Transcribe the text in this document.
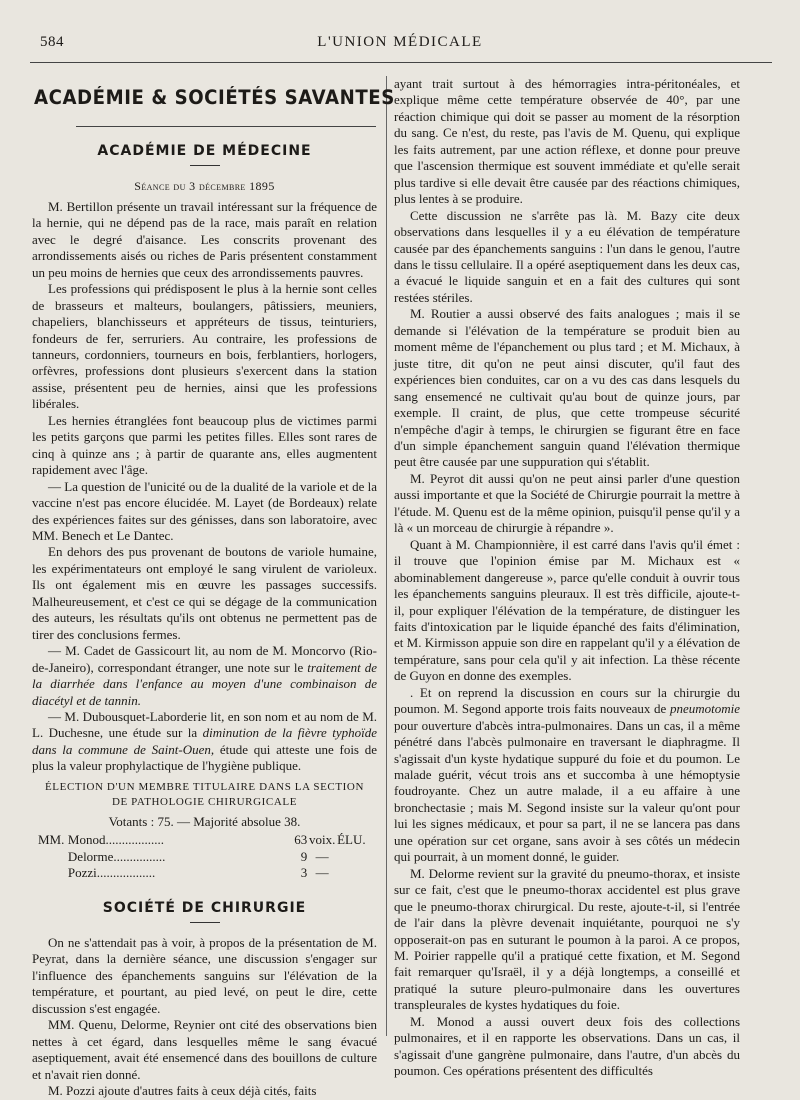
584	L'UNION MÉDICALE
ACADÉMIE & SOCIÉTÉS SAVANTES
ACADÉMIE DE MÉDECINE
Séance du 3 décembre 1895

M. Bertillon présente un travail intéressant sur la fréquence de la hernie, qui ne dépend pas de la race, mais paraît en relation avec le degré d'aisance. Les conscrits provenant des arrondissements aisés ou riches de Paris présentent constamment un peu moins de hernies que ceux des arrondissements pauvres.

Les professions qui prédisposent le plus à la hernie sont celles de brasseurs et malteurs, boulangers, pâtissiers, meuniers, chapeliers, blanchisseurs et appréteurs de tissus, teinturiers, fondeurs de fer, serruriers. Au contraire, les professions de tanneurs, cordonniers, tourneurs en bois, ferblantiers, horlogers, orfèvres, professions dont plusieurs s'exercent dans la station assise, présentent peu de hernies, ainsi que les professions libérales.

Les hernies étranglées font beaucoup plus de victimes parmi les petits garçons que parmi les petites filles. Elles sont rares de cinq à quinze ans ; à partir de quarante ans, elles augmentent rapidement avec l'âge.

— La question de l'unicité ou de la dualité de la variole et de la vaccine n'est pas encore élucidée. M. Layet (de Bordeaux) relate des expériences faites sur des génisses, dans son laboratoire, avec MM. Benech et Le Dantec.

En dehors des pus provenant de boutons de variole humaine, les expérimentateurs ont employé le sang virulent de varioleux. Ils ont également mis en œuvre les passages successifs. Malheureusement, et c'est ce qui se dégage de la communication des auteurs, les résultats qu'ils ont obtenus ne permettent pas de tirer des conclusions fermes.

— M. Cadet de Gassicourt lit, au nom de M. Moncorvo (Rio-de-Janeiro), correspondant étranger, une note sur le traitement de la diarrhée dans l'enfance au moyen d'une combinaison de diacétyl et de tannin.

— M. Dubousquet-Laborderie lit, en son nom et au nom de M. L. Duchesne, une étude sur la diminution de la fièvre typhoïde dans la commune de Saint-Ouen, étude qui atteste une fois de plus la valeur prophylactique de l'hygiène publique.

ÉLECTION D'UN MEMBRE TITULAIRE DANS LA SECTION
DE PATHOLOGIE CHIRURGICALE
Votants : 75. — Majorité absolue 38.
MM. Monod..................	63 voix. ÉLU.
Delorme................	9 —
Pozzi..................	3 —
SOCIÉTÉ DE CHIRURGIE

On ne s'attendait pas à voir, à propos de la présentation de M. Peyrat, dans la dernière séance, une discussion s'engager sur l'influence des épanchements sanguins sur l'élévation de la température, et pourtant, au pied levé, on peut le dire, cette discussion s'est engagée.

MM. Quenu, Delorme, Reynier ont cité des observations bien nettes à cet égard, dans lesquelles même le sang évacué aseptiquement, avait été ensemencé dans des bouillons de culture et n'avait rien donné.

M. Pozzi ajoute d'autres faits à ceux déjà cités, faits

ayant trait surtout à des hémorragies intra-péritonéales, et explique même cette température observée de 40°, par une réaction chimique qui doit se passer au moment de la résorption du sang. Ce n'est, du reste, pas l'avis de M. Quenu, qui explique les faits autrement, par une action réflexe, et donne pour preuve que l'ascension thermique est souvent immédiate et qu'elle serait plus tardive si elle devait être causée par des réactions chimiques, plus lentes à se produire.

Cette discussion ne s'arrête pas là. M. Bazy cite deux observations dans lesquelles il y a eu élévation de température causée par des épanchements sanguins : l'un dans le genou, l'autre dans le tissu cellulaire. Il a opéré aseptiquement dans les deux cas, a évacué le liquide sanguin et en a fait des cultures qui sont restées stériles.

M. Routier a aussi observé des faits analogues ; mais il se demande si l'élévation de la température se produit bien au moment même de l'épanchement ou plus tard ; et M. Michaux, à juste titre, dit qu'on ne peut ainsi discuter, qu'il faut des expériences bien conduites, car on a vu des cas dans lesquels du sang ensemencé ne cultivait qu'au bout de quinze jours, par exemple. Il craint, de plus, que cette trompeuse sécurité n'empêche d'agir à temps, le chirurgien se figurant être en face d'un simple épanchement sanguin quand l'élévation thermique peut être causée par une suppuration qui s'établit.

M. Peyrot dit aussi qu'on ne peut ainsi parler d'une question aussi importante et que la Société de Chirurgie pourrait la mettre à l'étude. M. Quenu est de la même opinion, puisqu'il pense qu'il y a là « un morceau de chirurgie à répandre ».

Quant à M. Championnière, il est carré dans l'avis qu'il émet : il trouve que l'opinion émise par M. Michaux est « abominablement dangereuse », parce qu'elle conduit à ouvrir tous les épanchements sanguins pleuraux. Il est très difficile, ajoute-t-il, pour expliquer l'élévation de la température, de distinguer les faits d'intoxication par le liquide épanché des faits d'élimination, et M. Kirmisson appuie son dire en rappelant qu'il y a élévation de température, sans pour cela qu'il y ait infection. La thèse récente de Guyon en donne des exemples.

. Et on reprend la discussion en cours sur la chirurgie du poumon. M. Segond apporte trois faits nouveaux de pneumotomie pour ouverture d'abcès intra-pulmonaires. Dans un cas, il a même pénétré dans l'abcès pulmonaire en traversant le diaphragme. Il s'agissait d'un kyste hydatique suppuré du foie et du poumon. Le malade guérit, vécut trois ans et succomba à une hémoptysie foudroyante. Chez un autre malade, il a eu affaire à une bronchectasie ; mais M. Segond insiste sur la valeur qu'ont pour lui les signes médicaux, et pour sa part, il ne se lancera pas dans une opération sur cet organe, sans avoir à ses côtés un médecin qui pourrait, à un moment donné, le guider.

M. Delorme revient sur la gravité du pneumo-thorax, et insiste sur ce fait, c'est que le pneumo-thorax accidentel est plus grave que le pneumo-thorax chirurgical. Du reste, ajoute-t-il, si l'entrée de l'air dans la plèvre devenait inquiétante, pourquoi ne s'y opposerait-on pas en suturant le poumon à la paroi. A ce propos, M. Poirier rappelle qu'il a pratiqué cette fixation, et M. Segond fait remarquer qu'Israël, il y a déjà longtemps, a conseillé et pratiqué la suture pleuro-pulmonaire dans les ouvertures transpleurales de kystes hydatiques du foie.

M. Monod a aussi ouvert deux fois des collections pulmonaires, et il en rapporte les observations. Dans un cas, il s'agissait d'une gangrène pulmonaire, dans l'autre, d'un abcès du poumon. Ces opérations présentent des difficultés
